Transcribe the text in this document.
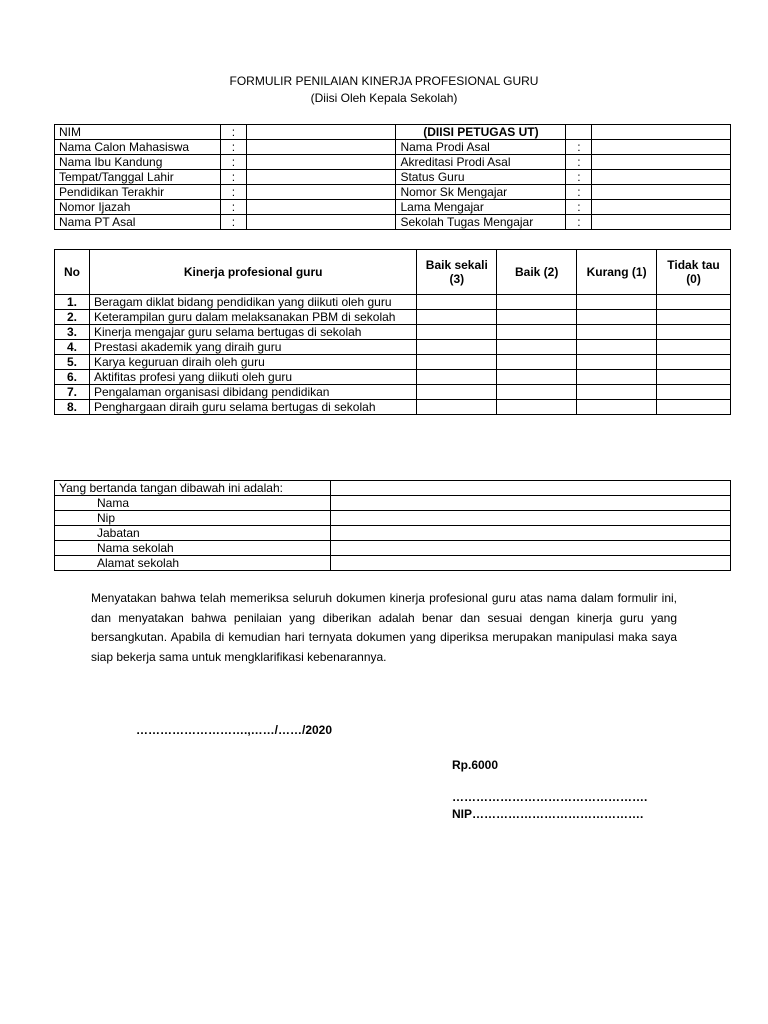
FORMULIR PENILAIAN KINERJA PROFESIONAL GURU
(Diisi Oleh Kepala Sekolah)
NIM	:		(DIISI PETUGAS UT)		
Nama Calon Mahasiswa	:		Nama Prodi Asal	:	
Nama Ibu Kandung	:		Akreditasi Prodi Asal	:	
Tempat/Tanggal Lahir	:		Status Guru	:	
Pendidikan Terakhir	:		Nomor Sk Mengajar	:	
Nomor Ijazah	:		Lama Mengajar	:	
Nama PT Asal	:		Sekolah Tugas Mengajar	:	
No	Kinerja profesional guru	Baik sekali (3)	Baik (2)	Kurang (1)	Tidak tau (0)
1.	Beragam diklat bidang pendidikan yang diikuti oleh guru				
2.	Keterampilan guru dalam melaksanakan PBM di sekolah				
3.	Kinerja mengajar guru selama bertugas di sekolah				
4.	Prestasi akademik yang diraih guru				
5.	Karya keguruan diraih oleh guru				
6.	Aktifitas profesi yang diikuti oleh guru				
7.	Pengalaman organisasi dibidang pendidikan				
8.	Penghargaan diraih guru selama bertugas di sekolah				
Yang bertanda tangan dibawah ini adalah:	
Nama	
Nip	
Jabatan	
Nama sekolah	
Alamat sekolah	

Menyatakan bahwa telah memeriksa seluruh dokumen kinerja profesional guru atas nama dalam formulir ini, dan menyatakan bahwa penilaian yang diberikan adalah benar dan sesuai dengan kinerja guru yang bersangkutan. Apabila di kemudian hari ternyata dokumen yang diperiksa merupakan manipulasi maka saya siap bekerja sama untuk mengklarifikasi kebenarannya.

……………………….,……/……/2020
Rp.6000
………………………………………….
NIP…………………………………….
